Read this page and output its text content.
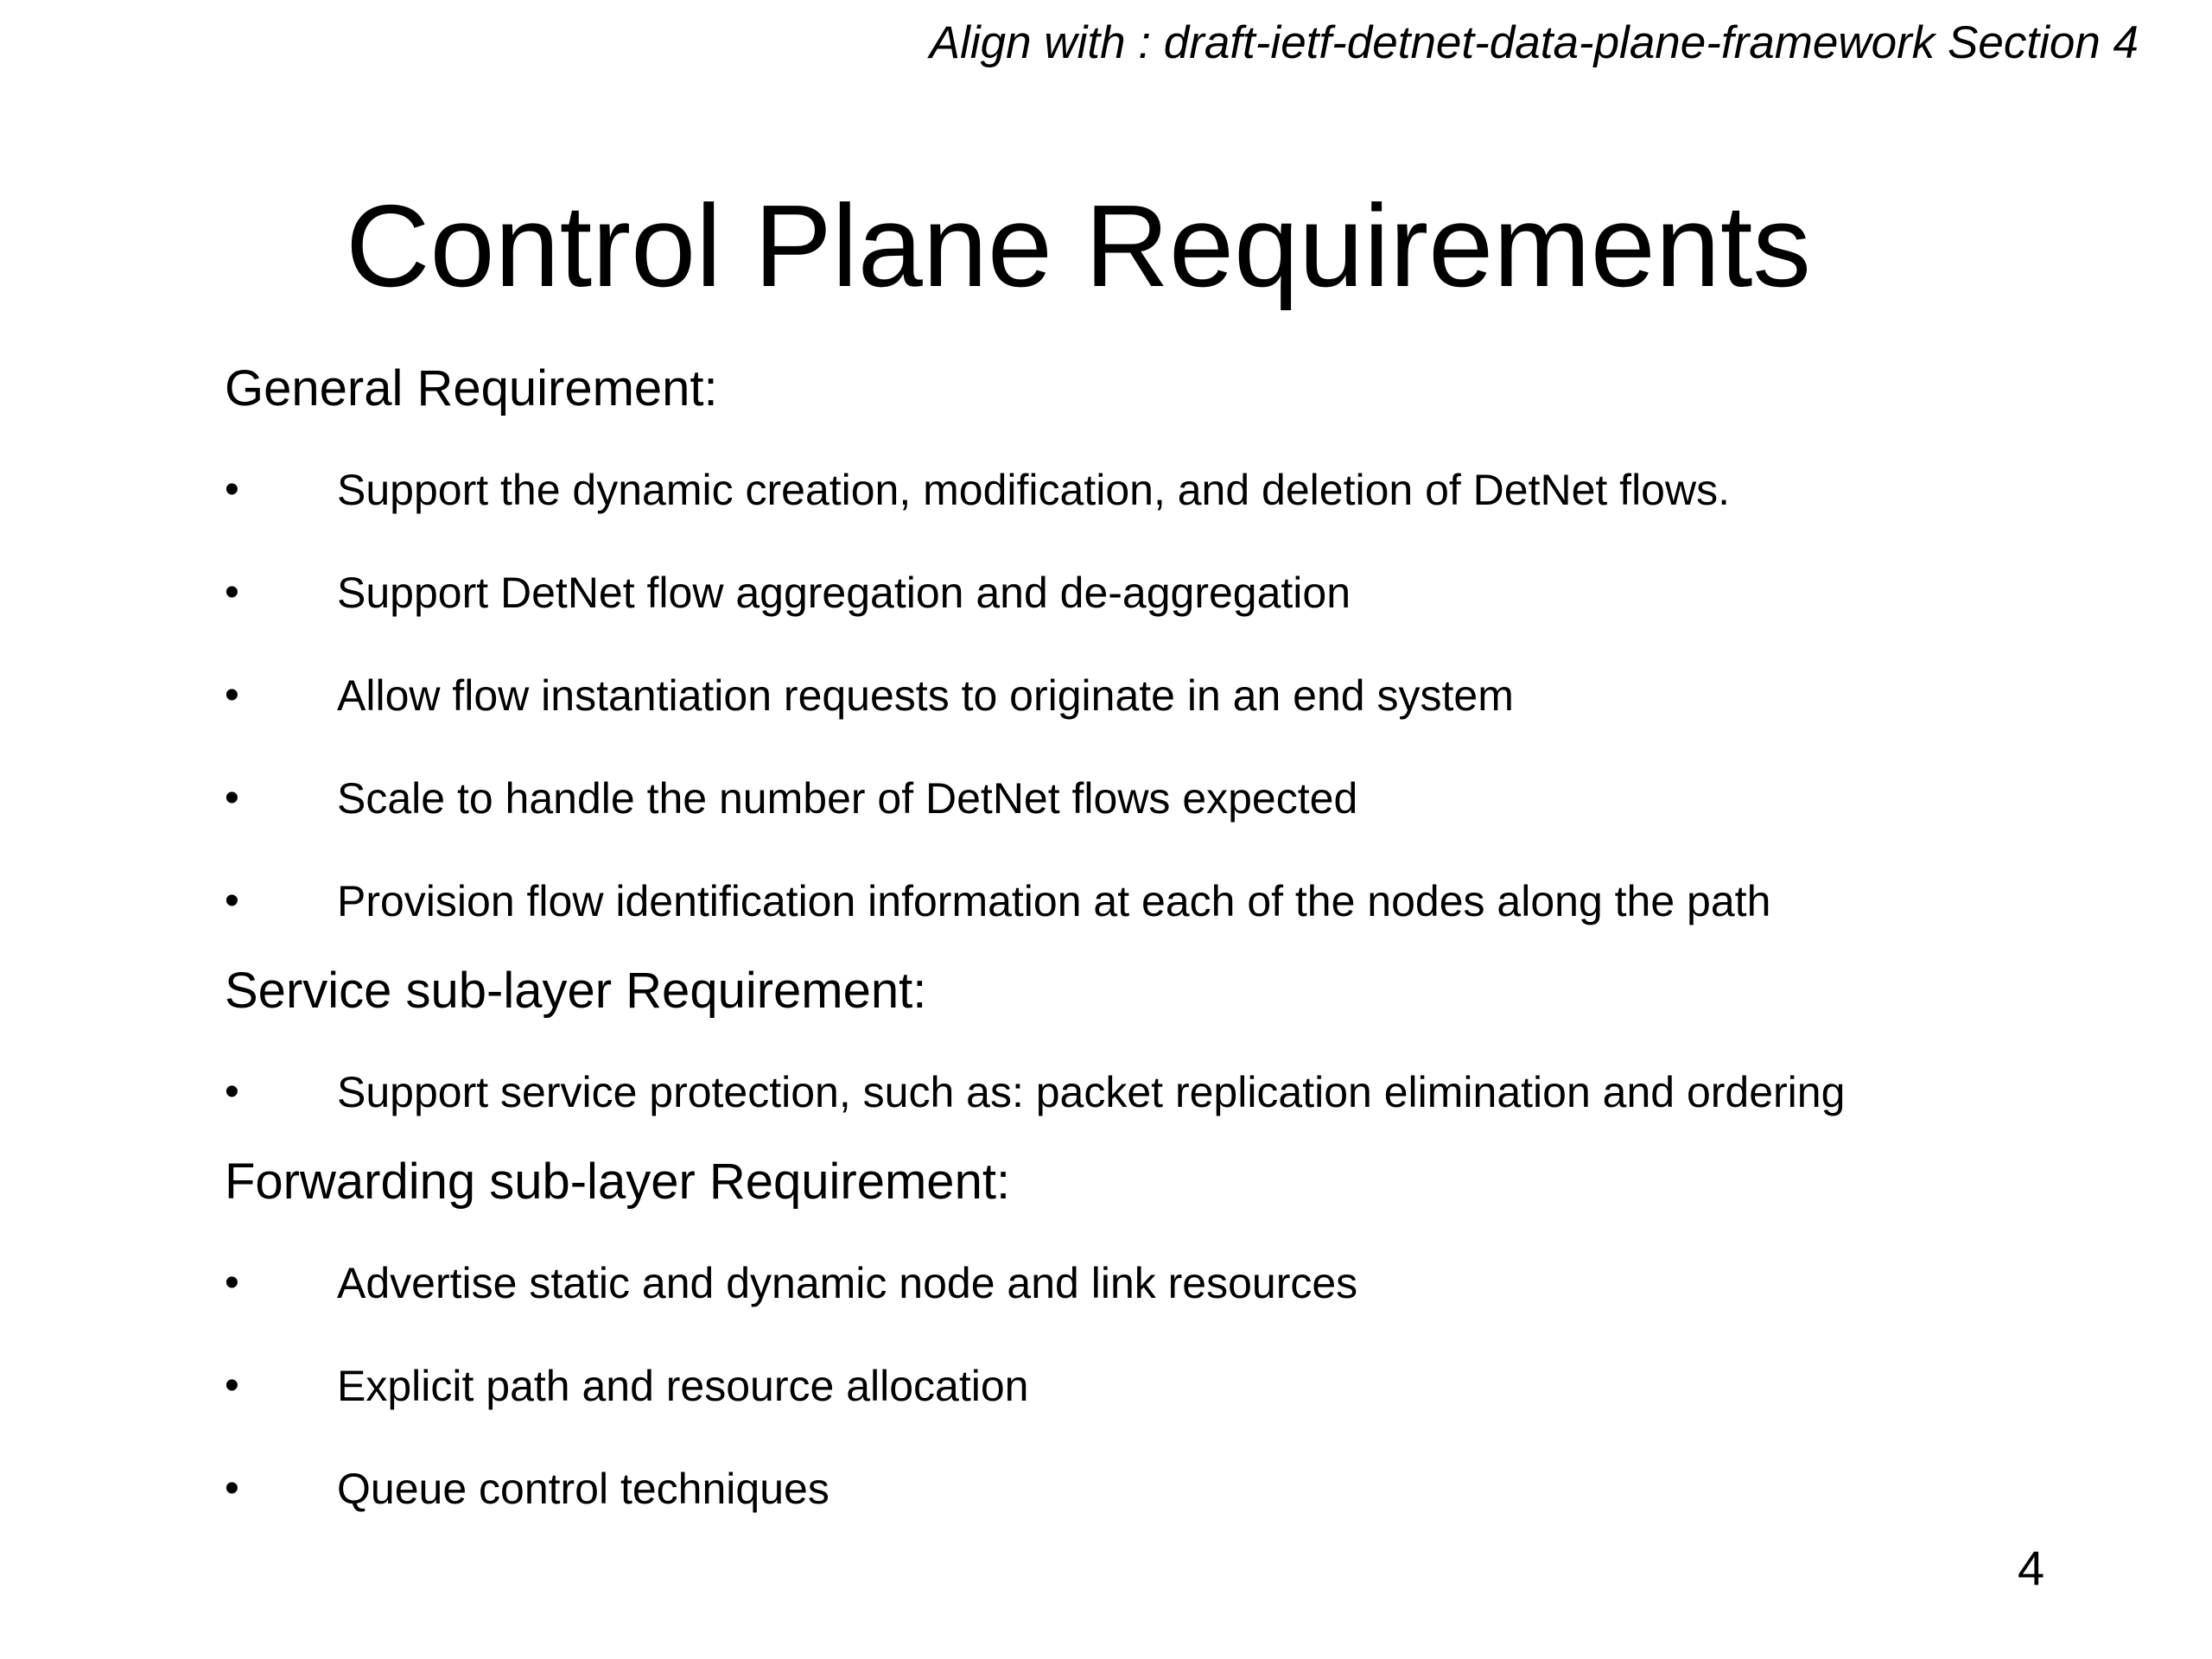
Align with : draft-ietf-detnet-data-plane-framework Section 4
Control Plane Requirements

General Requirement:

• Support the dynamic creation, modification, and deletion of DetNet flows.
• Support DetNet flow aggregation and de-aggregation
• Allow flow instantiation requests to originate in an end system
• Scale to handle the number of DetNet flows expected
• Provision flow identification information at each of the nodes along the path

Service sub-layer Requirement:

• Support service protection, such as: packet replication elimination and ordering

Forwarding sub-layer Requirement:

• Advertise static and dynamic node and link resources
• Explicit path and resource allocation
• Queue control techniques
4
